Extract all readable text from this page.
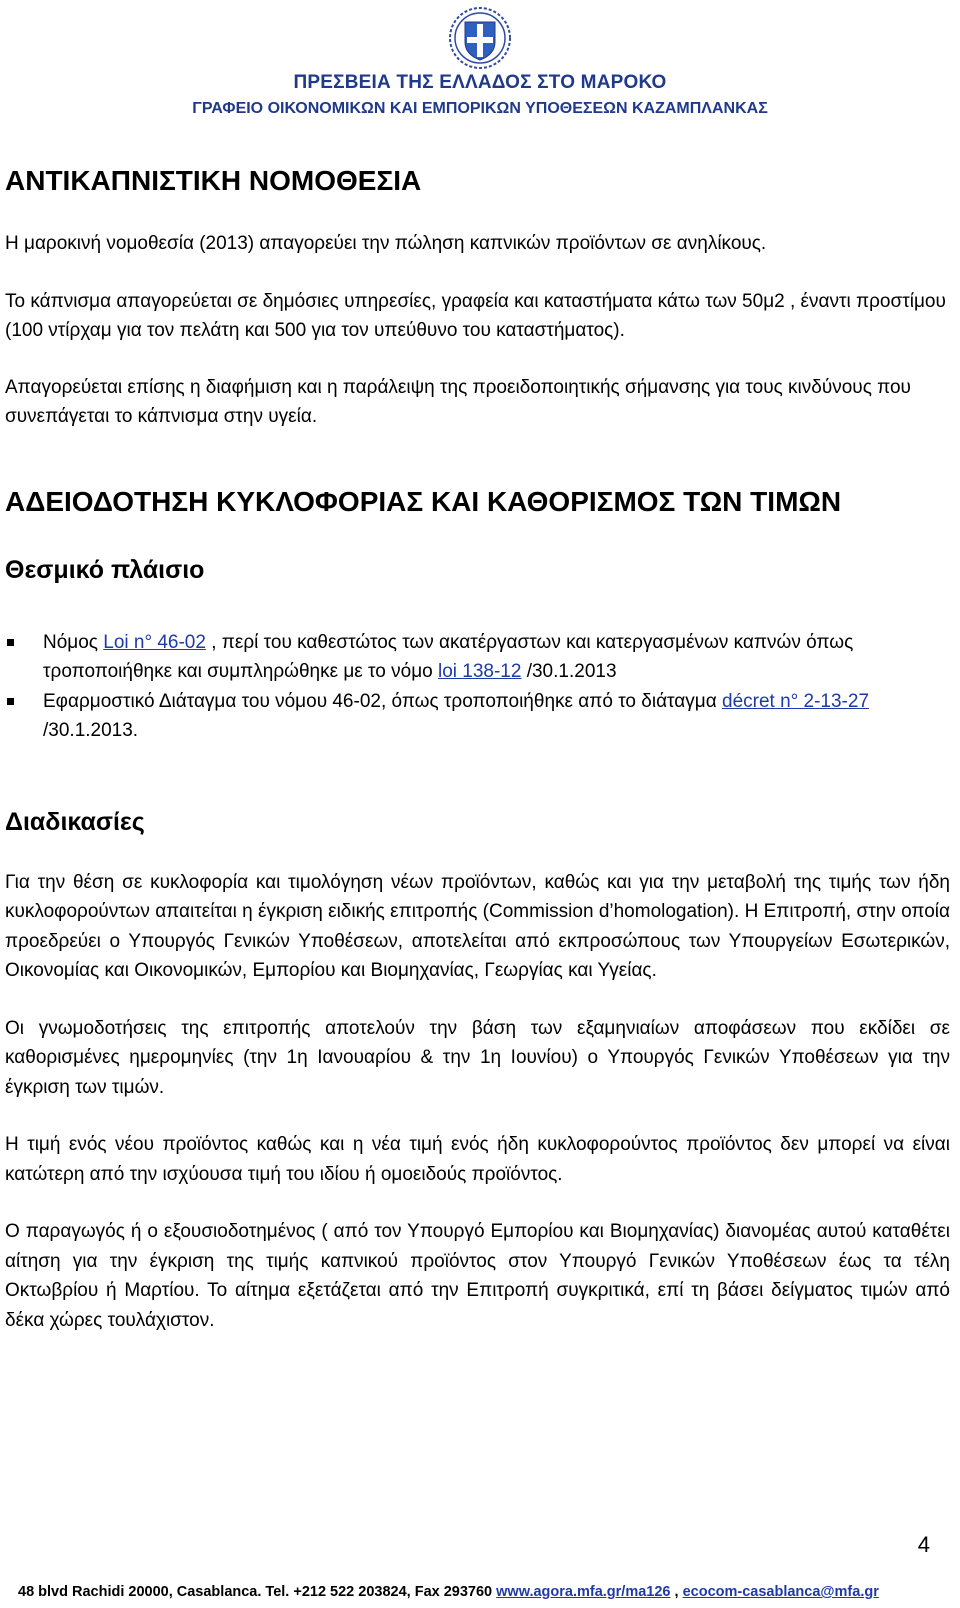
ΠΡΕΣΒΕΙΑ ΤΗΣ ΕΛΛΑΔΟΣ ΣΤΟ ΜΑΡΟΚΟ
ΓΡΑΦΕΙΟ ΟΙΚΟΝΟΜΙΚΩΝ ΚΑΙ ΕΜΠΟΡΙΚΩΝ ΥΠΟΘΕΣΕΩΝ ΚΑΖΑΜΠΛΑΝΚΑΣ
ΑΝΤΙΚΑΠΝΙΣΤΙΚΗ ΝΟΜΟΘΕΣΙΑ

Η μαροκινή νομοθεσία (2013) απαγορεύει την πώληση καπνικών προϊόντων σε ανηλίκους.

Το κάπνισμα απαγορεύεται σε δημόσιες υπηρεσίες, γραφεία και καταστήματα κάτω των 50μ2 , έναντι προστίμου (100 ντίρχαμ για τον πελάτη και 500 για τον υπεύθυνο του καταστήματος).

Απαγορεύεται επίσης η διαφήμιση και η παράλειψη της προειδοποιητικής σήμανσης για τους κινδύνους που συνεπάγεται το κάπνισμα στην υγεία.

ΑΔΕΙΟΔΟΤΗΣΗ ΚΥΚΛΟΦΟΡΙΑΣ ΚΑΙ ΚΑΘΟΡΙΣΜΟΣ ΤΩΝ ΤΙΜΩΝ
Θεσμικό πλάισιο
Νόμος Loi n° 46-02 , περί του καθεστώτος των ακατέργαστων και κατεργασμένων καπνών όπως τροποποιήθηκε και συμπληρώθηκε με το νόμο loi 138-12 /30.1.2013
Εφαρμοστικό Διάταγμα του νόμου 46-02, όπως τροποποιήθηκε από το διάταγμα décret n° 2-13-27 /30.1.2013.
Διαδικασίες

Για την θέση σε κυκλοφορία και τιμολόγηση νέων προϊόντων, καθώς και για την μεταβολή της τιμής των ήδη κυκλοφορούντων απαιτείται η έγκριση ειδικής επιτροπής (Commission d’homologation). Η Επιτροπή, στην οποία προεδρεύει ο Υπουργός Γενικών Υποθέσεων, αποτελείται από εκπροσώπους των Υπουργείων Εσωτερικών, Οικονομίας και Οικονομικών, Εμπορίου και Βιομηχανίας, Γεωργίας και Υγείας.

Οι γνωμοδοτήσεις της επιτροπής αποτελούν την βάση των εξαμηνιαίων αποφάσεων που εκδίδει σε καθορισμένες ημερομηνίες (την 1η Ιανουαρίου & την 1η Ιουνίου) ο Υπουργός Γενικών Υποθέσεων για την έγκριση των τιμών.

Η τιμή ενός νέου προϊόντος καθώς και η νέα τιμή ενός ήδη κυκλοφορούντος προϊόντος δεν μπορεί να είναι κατώτερη από την ισχύουσα τιμή του ιδίου ή ομοειδούς προϊόντος.

Ο παραγωγός ή ο εξουσιοδοτημένος ( από τον Υπουργό Εμπορίου και Βιομηχανίας) διανομέας αυτού καταθέτει αίτηση για την έγκριση της τιμής καπνικού προϊόντος στον Υπουργό Γενικών Υποθέσεων έως τα τέλη Οκτωβρίου ή Μαρτίου. Το αίτημα εξετάζεται από την Επιτροπή συγκριτικά, επί τη βάσει δείγματος τιμών από δέκα χώρες τουλάχιστον.

4
48 blvd Rachidi 20000, Casablanca. Tel. +212 522 203824, Fax 293760 www.agora.mfa.gr/ma126 , ecocom-casablanca@mfa.gr
